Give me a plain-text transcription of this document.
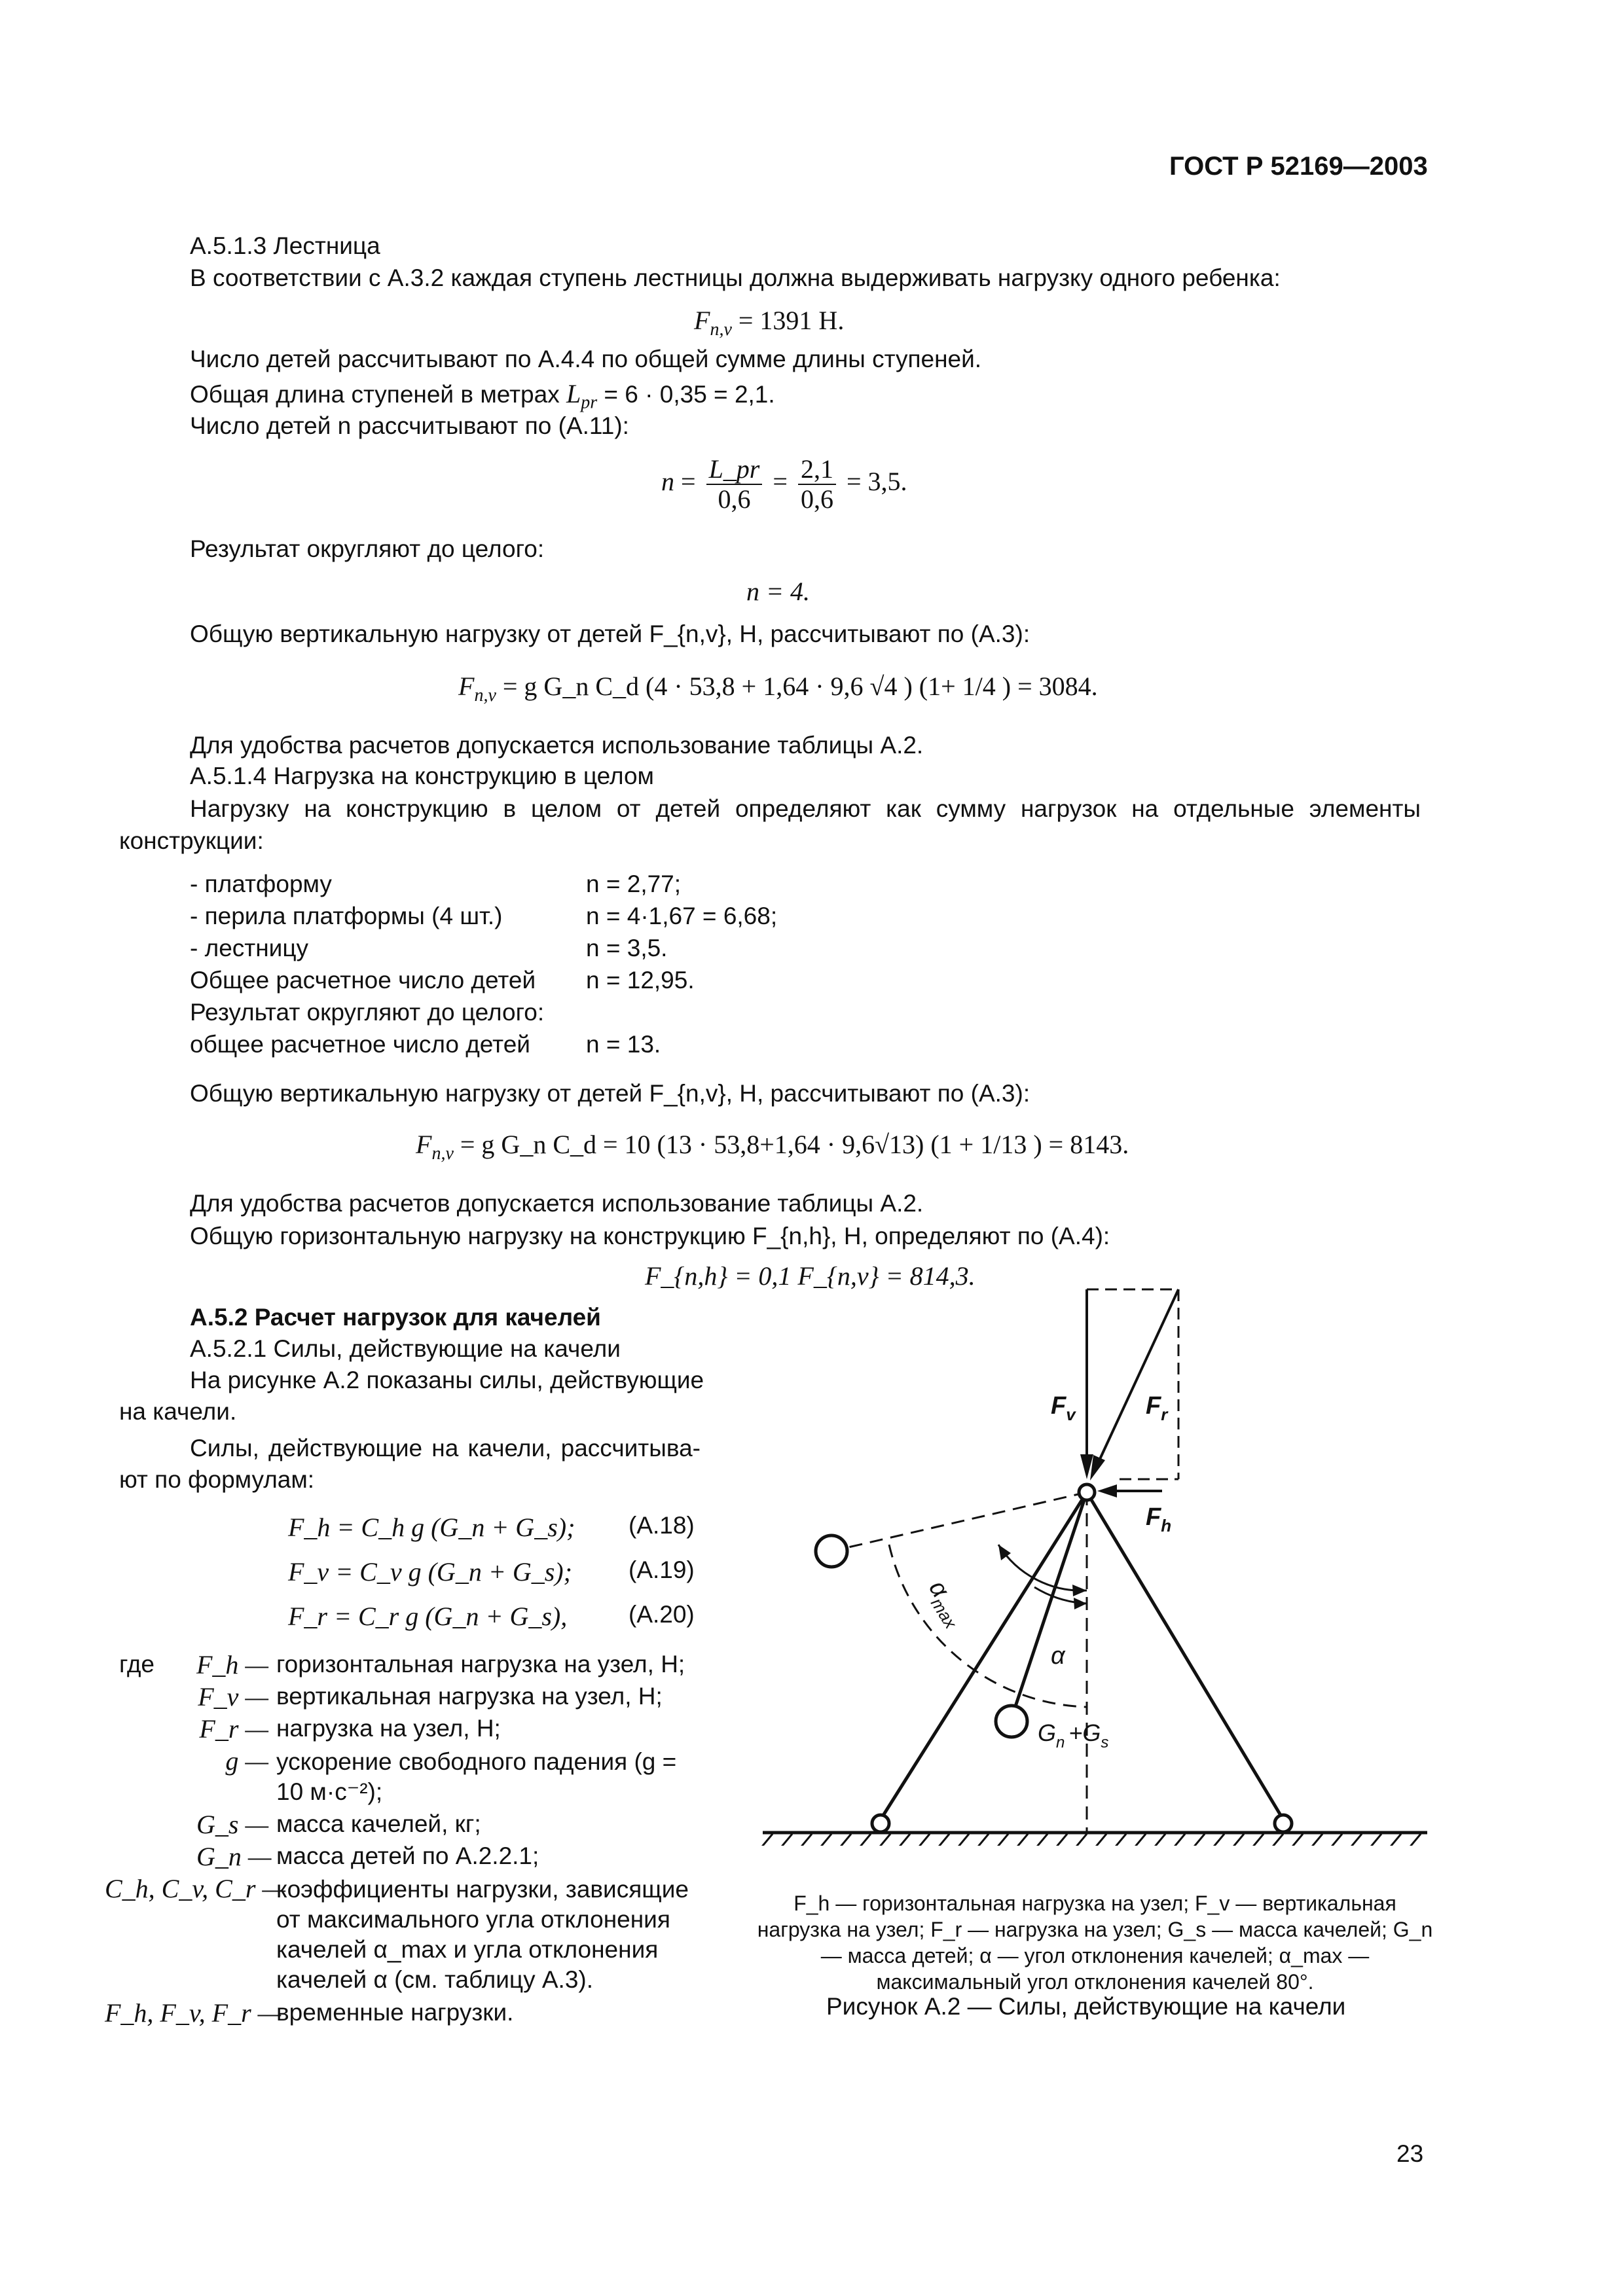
ГОСТ Р 52169—2003
А.5.1.3 Лестница
В соответствии с А.3.2 каждая ступень лестницы должна выдерживать нагрузку одного ребенка:
$F_{n,v} = 1391$ Н.
Число детей рассчитывают по А.4.4 по общей сумме длины ступеней.
Общая длина ступеней в метрах $L_{pr} = 6 \cdot 0,35 = 2,1$.
Число детей n рассчитывают по (А.11):
$n = \frac{L\_pr}{0,6} = \frac{2,1}{0,6} = 3,5$.
Результат округляют до целого:
n = 4.
Общую вертикальную нагрузку от детей F_{n,v}, Н, рассчитывают по (А.3):
$F_{n,v} = g$ G_n C_d (4 · 53,8 + 1,64 · 9,6 √4 ) (1+ 1/4 ) = 3084.
Для удобства расчетов допускается использование таблицы А.2.
А.5.1.4 Нагрузка на конструкцию в целом
Нагрузку на конструкцию в целом от детей определяют как сумму нагрузок на отдельные элементы
конструкции:
- платформу	n = 2,77;
- перила платформы (4 шт.)	n = 4·1,67 = 6,68;
- лестницу	n = 3,5.
Общее расчетное число детей n = 12,95.
Результат округляют до целого:
общее расчетное число детей n = 13.
Общую вертикальную нагрузку от детей F_{n,v}, Н, рассчитывают по (А.3):
$F_{n,v} = g$ G_n C_d = 10 (13 · 53,8+1,64 · 9,6√13) (1 + 1/13 ) = 8143.
Для удобства расчетов допускается использование таблицы А.2.
Общую горизонтальную нагрузку на конструкцию F_{n,h}, Н, определяют по (А.4):
F_{n,h} = 0,1 F_{n,v} = 814,3.
А.5.2 Расчет нагрузок для качелей
А.5.2.1 Силы, действующие на качели
На рисунке А.2 показаны силы, действующие
на качели.
Силы, действующие на качели, рассчитыва-
ют по формулам:
F_h = C_h g (G_n + G_s); (А.18)
F_v = C_v g (G_n + G_s); (А.19)
F_r = C_r g (G_n + G_s),	(А.20)
где F_h — горизонтальная нагрузка на узел, Н;
F_v — вертикальная нагрузка на узел, Н;
F_r — нагрузка на узел, Н;
g — ускорение свободного падения (g = 10 м·с⁻²);
G_s — масса качелей, кг;
G_n — масса детей по А.2.2.1;
C_h, C_v, C_r —
коэффициенты нагрузки, зависящие от максимального угла отклонения качелей α_max и угла отклонения качелей α (см. таблицу А.3).
F_h, F_v, F_r —
временные нагрузки.
$F_v$	$F_r$
$F_h$
α
$\alpha_{max}$
$G_n +G_s$
F_h — горизонтальная нагрузка на узел; F_v — вертикальная нагрузка на узел; F_r — нагрузка на узел; G_s — масса качелей; G_n — масса детей; α — угол отклонения качелей; α_max — максимальный угол отклонения качелей 80°.
Рисунок А.2 — Силы, действующие на качели
23
